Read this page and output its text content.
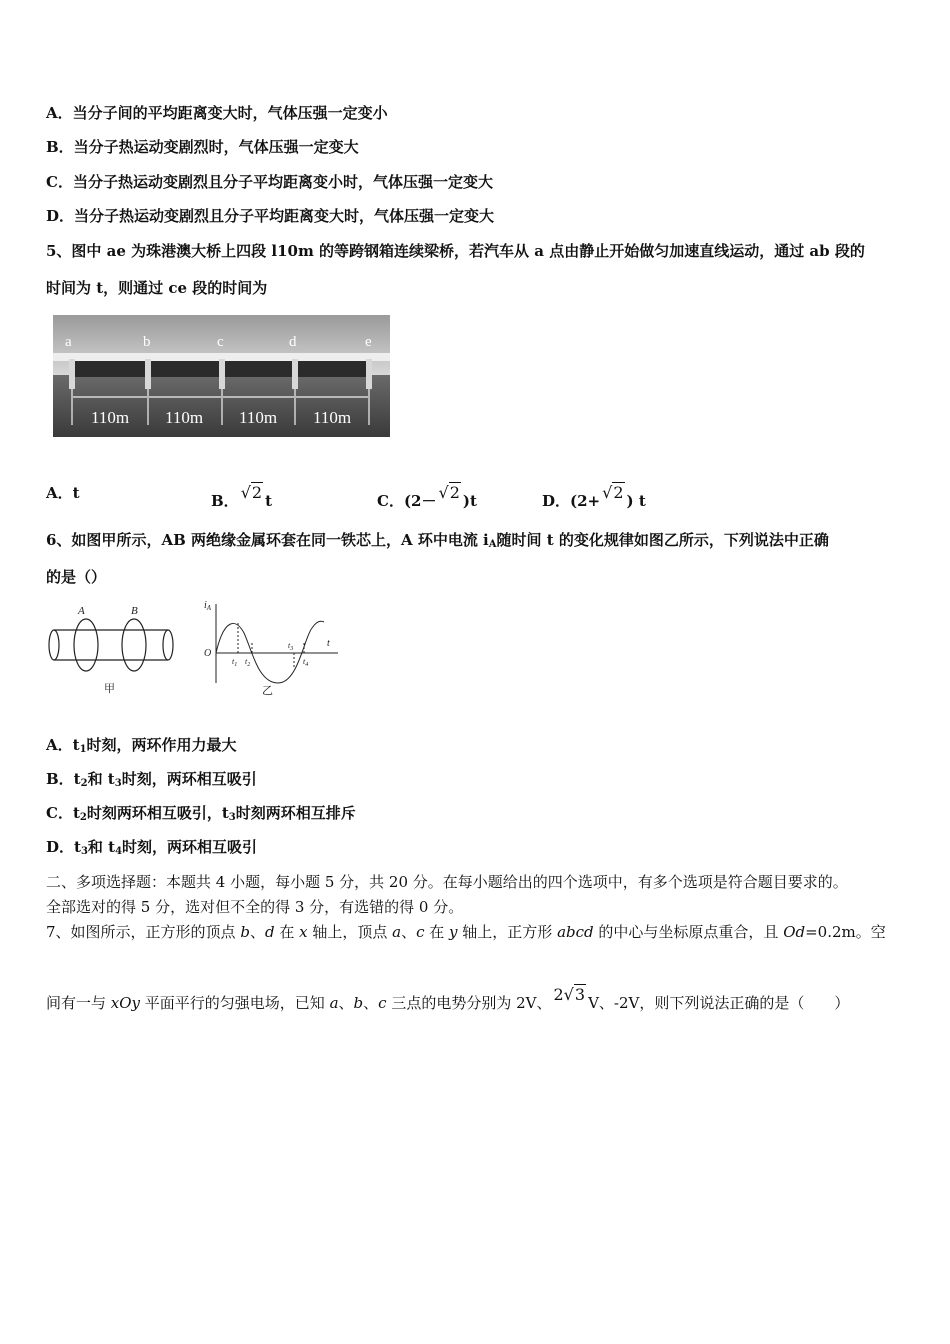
A．当分子间的平均距离变大时，气体压强一定变小
B．当分子热运动变剧烈时，气体压强一定变大
C．当分子热运动变剧烈且分子平均距离变小时，气体压强一定变大
D．当分子热运动变剧烈且分子平均距离变大时，气体压强一定变大
5、图中 ae 为珠港澳大桥上四段 l10m 的等跨钢箱连续梁桥，若汽车从 a 点由静止开始做匀加速直线运动，通过 ab 段的
时间为 t，则通过 ce 段的时间为
a	b	c	d	e
110m 110m 110m 110m
A．t	B． √2 t	C．(2－ √2 )t	D．(2+ √2 ) t
6、如图甲所示，AB 两绝缘金属环套在同一铁芯上，A 环中电流 $i_A$随时间 t 的变化规律如图乙所示，下列说法中正确
的是（）
A	B
甲
$i_A$
O
t
$t_1$ $t_2$
$t_3$
$t_4$
乙
A．$t_1$时刻，两环作用力最大
B．$t_2$和 $t_3$时刻，两环相互吸引
C．$t_2$时刻两环相互吸引，$t_3$时刻两环相互排斥
D．$t_3$和 $t_4$时刻，两环相互吸引
二、多项选择题：本题共 4 小题，每小题 5 分，共 20 分。在每小题给出的四个选项中，有多个选项是符合题目要求的。
全部选对的得 5 分，选对但不全的得 3 分，有选错的得 0 分。
7、如图所示，正方形的顶点 b、d 在 x 轴上，顶点 a、c 在 y 轴上，正方形 abcd 的中心与坐标原点重合，且 Od=0.2m。空
间有一与 xOy 平面平行的匀强电场，已知 a、b、c 三点的电势分别为 2V、 2√3 V、-2V，则下列说法正确的是（　　）
